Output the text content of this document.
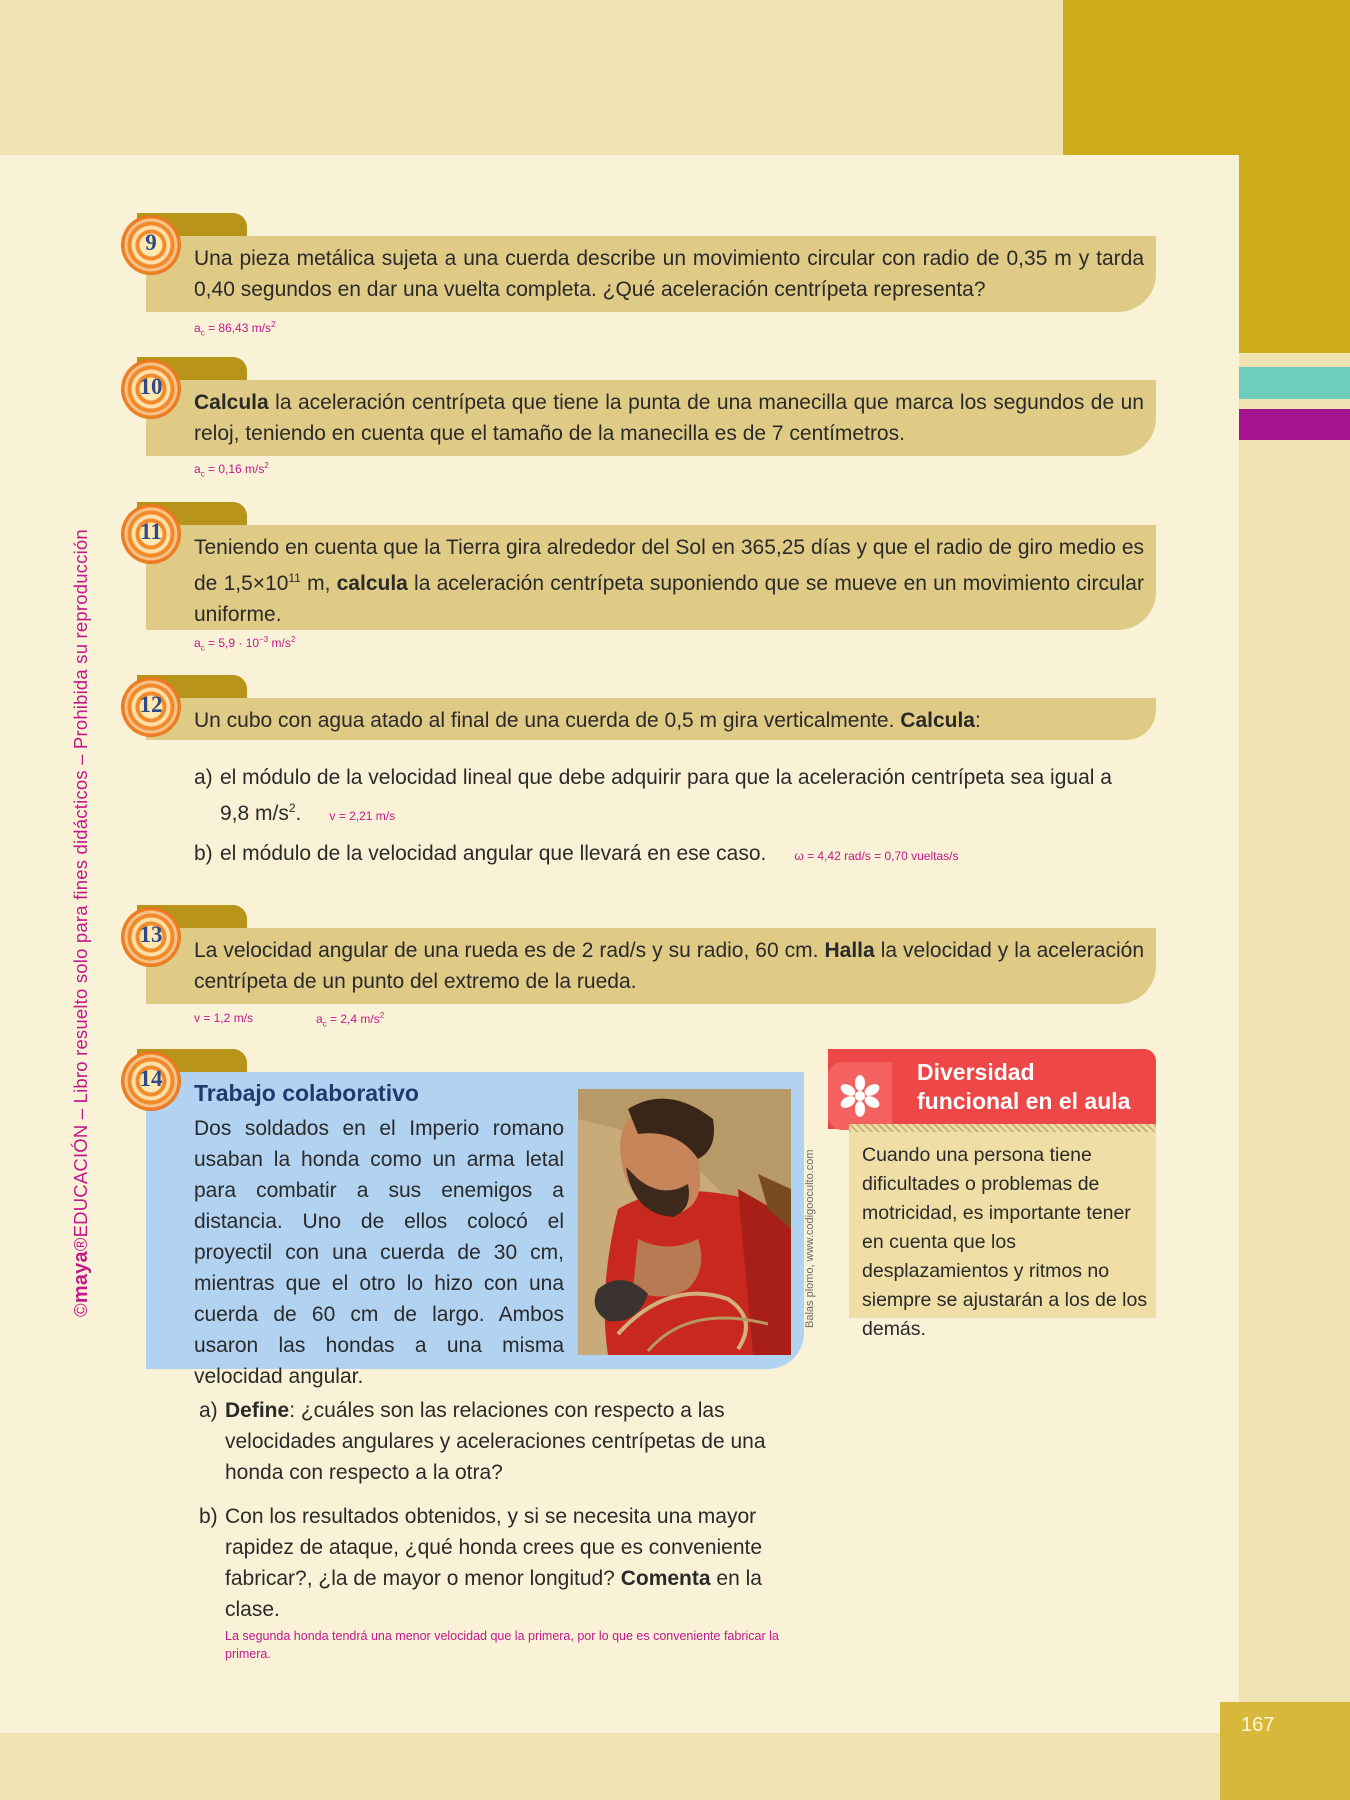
167
©maya®EDUCACIÓN – Libro resuelto solo para fines didácticos – Prohibida su reproducción
9
Una pieza metálica sujeta a una cuerda describe un movimiento circular con radio de 0,35 m y tarda 0,40 segundos en dar una vuelta completa. ¿Qué aceleración centrípeta representa?
$a_c = 86,43$ $m/s^2$
10
Calcula la aceleración centrípeta que tiene la punta de una manecilla que marca los segundos de un reloj, teniendo en cuenta que el tamaño de la manecilla es de 7 centímetros.
$a_c = 0,16$ $m/s^2$
11
Teniendo en cuenta que la Tierra gira alrededor del Sol en 365,25 días y que el radio de giro medio es de $1,5\times 10^{11}$ m, calcula la aceleración centrípeta suponiendo que se mueve en un movimiento circular uniforme.
$a_c = 5,9 \cdot 10^{-3}$ $m/s^2$
12
Un cubo con agua atado al final de una cuerda de 0,5 m gira verticalmente. Calcula:
a) el módulo de la velocidad lineal que debe adquirir para que la aceleración centrípeta sea igual a 9,8 $m/s^2$. v = 2,21 m/s
b) el módulo de la velocidad angular que llevará en ese caso. ω = 4,42 rad/s = 0,70 vueltas/s
13
La velocidad angular de una rueda es de 2 rad/s y su radio, 60 cm. Halla la velocidad y la aceleración centrípeta de un punto del extremo de la rueda.
v = 1,2 m/s	$a_c = 2,4$ $m/s^2$
14
Trabajo colaborativo
Dos soldados en el Imperio romano usaban la honda como un arma letal para combatir a sus enemigos a distancia. Uno de ellos colocó el proyectil con una cuerda de 30 cm, mientras que el otro lo hizo con una cuerda de 60 cm de largo. Ambos usaron las hondas a una misma velocidad angular.
Balas plomo, www.codigooculto.com
a) Define: ¿cuáles son las relaciones con respecto a las velocidades angulares y aceleraciones centrípetas de una honda con respecto a la otra?
b) Con los resultados obtenidos, y si se necesita una mayor rapidez de ataque, ¿qué honda crees que es conveniente fabricar?, ¿la de mayor o menor longitud? Comenta en la clase.
La segunda honda tendrá una menor velocidad que la primera, por lo que es conveniente fabricar la primera.
Diversidad
funcional en el aula
Cuando una persona tiene dificultades o problemas de motricidad, es importante tener en cuenta que los desplazamientos y ritmos no siempre se ajustarán a los de los demás.
